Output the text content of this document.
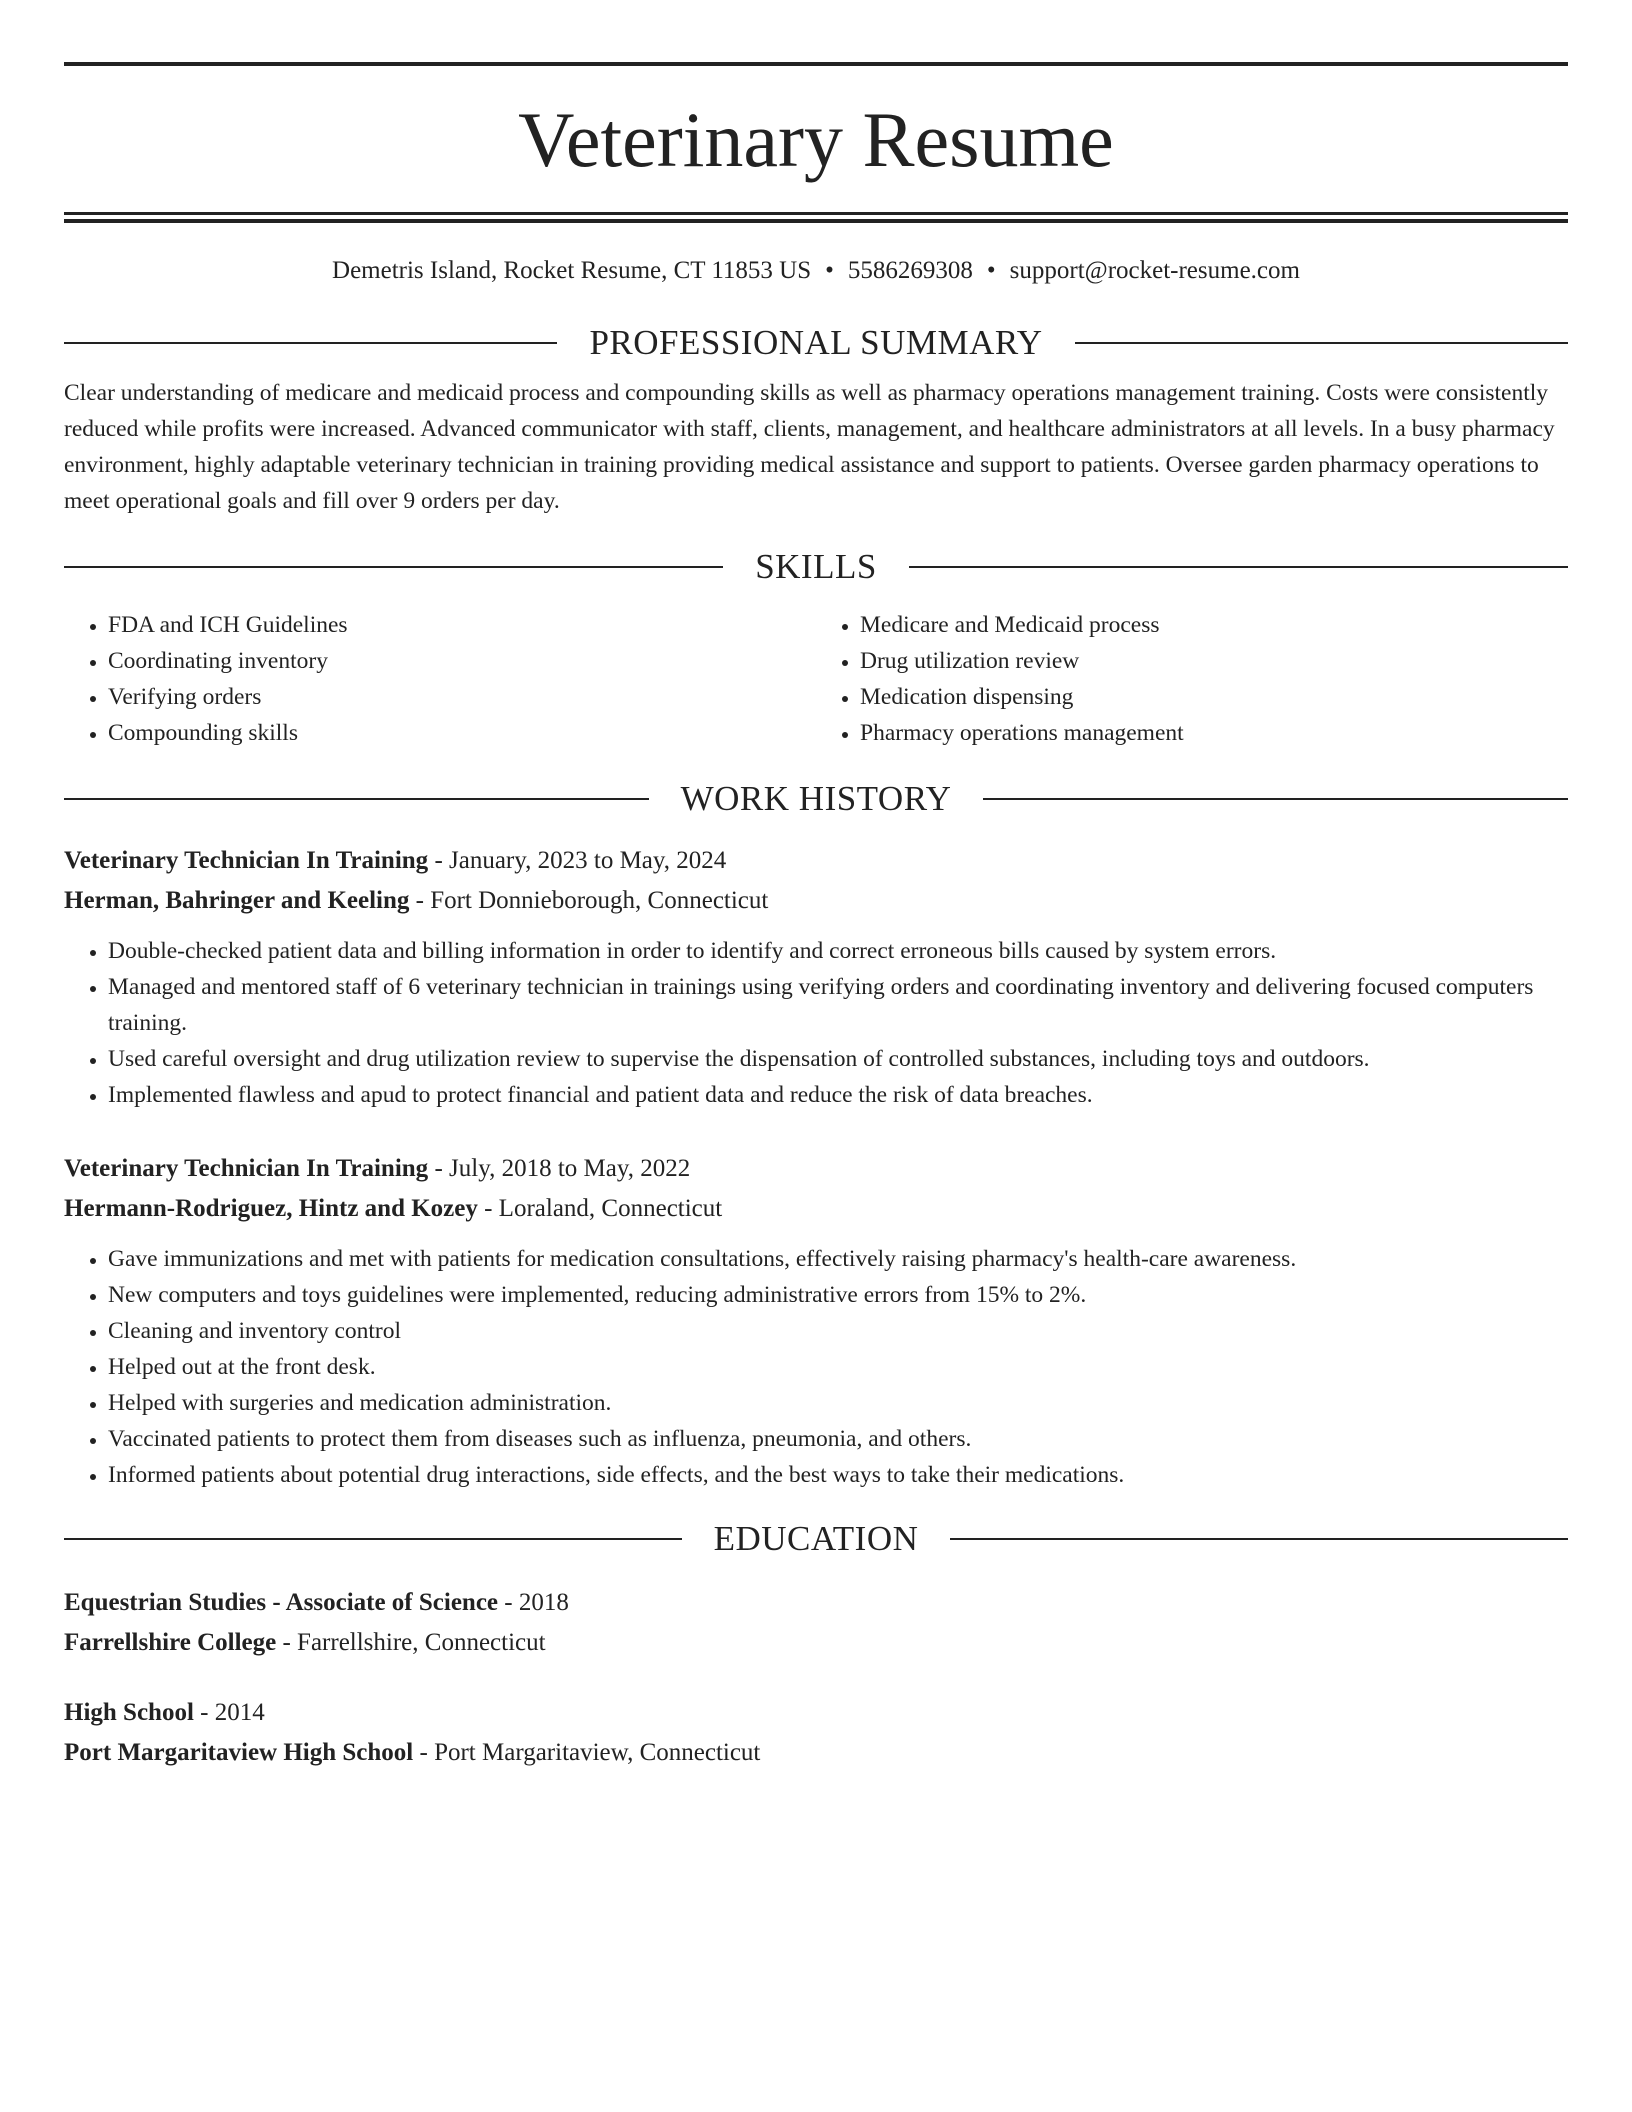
Veterinary Resume
Demetris Island, Rocket Resume, CT 11853 US • 5586269308 • support@rocket-resume.com
PROFESSIONAL SUMMARY

Clear understanding of medicare and medicaid process and compounding skills as well as pharmacy operations management training. Costs were consistently reduced while profits were increased. Advanced communicator with staff, clients, management, and healthcare administrators at all levels. In a busy pharmacy environment, highly adaptable veterinary technician in training providing medical assistance and support to patients. Oversee garden pharmacy operations to meet operational goals and fill over 9 orders per day.

SKILLS
• FDA and ICH Guidelines
• Coordinating inventory
• Verifying orders
• Compounding skills
• Medicare and Medicaid process
• Drug utilization review
• Medication dispensing
• Pharmacy operations management
WORK HISTORY
Veterinary Technician In Training - January, 2023 to May, 2024
Herman, Bahringer and Keeling - Fort Donnieborough, Connecticut
• Double-checked patient data and billing information in order to identify and correct erroneous bills caused by system errors.
• Managed and mentored staff of 6 veterinary technician in trainings using verifying orders and coordinating inventory and delivering focused computers training.
• Used careful oversight and drug utilization review to supervise the dispensation of controlled substances, including toys and outdoors.
• Implemented flawless and apud to protect financial and patient data and reduce the risk of data breaches.
Veterinary Technician In Training - July, 2018 to May, 2022
Hermann-Rodriguez, Hintz and Kozey - Loraland, Connecticut
• Gave immunizations and met with patients for medication consultations, effectively raising pharmacy's health-care awareness.
• New computers and toys guidelines were implemented, reducing administrative errors from 15% to 2%.
• Cleaning and inventory control
• Helped out at the front desk.
• Helped with surgeries and medication administration.
• Vaccinated patients to protect them from diseases such as influenza, pneumonia, and others.
• Informed patients about potential drug interactions, side effects, and the best ways to take their medications.
EDUCATION
Equestrian Studies - Associate of Science - 2018
Farrellshire College - Farrellshire, Connecticut
High School - 2014
Port Margaritaview High School - Port Margaritaview, Connecticut
